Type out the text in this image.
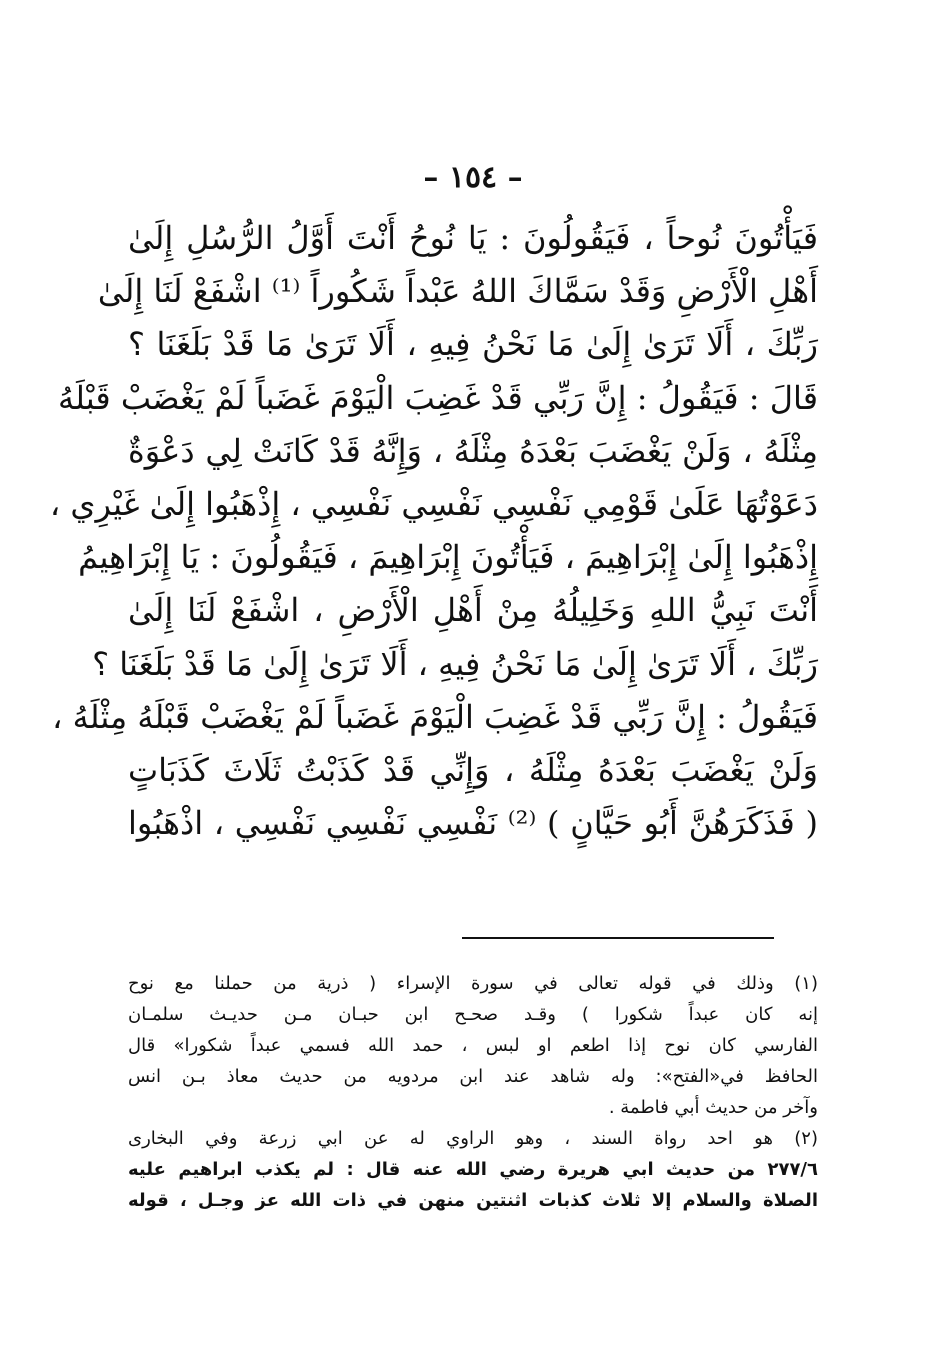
– ١٥٤ –
فَيَأْتُونَ نُوحاً ، فَيَقُولُونَ : يَا نُوحُ أَنْتَ أَوَّلُ الرُّسُلِ إِلَىٰ
أَهْلِ الْأَرْضِ وَقَدْ سَمَّاكَ اللهُ عَبْداً شَكُوراً ⁽¹⁾ اشْفَعْ لَنَا إِلَىٰ
رَبِّكَ ، أَلَا تَرَىٰ إِلَىٰ مَا نَحْنُ فِيهِ ، أَلَا تَرَىٰ مَا قَدْ بَلَغَنَا ؟
قَالَ : فَيَقُولُ : إِنَّ رَبِّي قَدْ غَضِبَ الْيَوْمَ غَضَباً لَمْ يَغْضَبْ قَبْلَهُ
مِثْلَهُ ، وَلَنْ يَغْضَبَ بَعْدَهُ مِثْلَهُ ، وَإِنَّهُ قَدْ كَانَتْ لِي دَعْوَةٌ
دَعَوْتُهَا عَلَىٰ قَوْمِي نَفْسِي نَفْسِي نَفْسِي ، إِذْهَبُوا إِلَىٰ غَيْرِي ،
إِذْهَبُوا إِلَىٰ إِبْرَاهِيمَ ، فَيَأْتُونَ إِبْرَاهِيمَ ، فَيَقُولُونَ : يَا إِبْرَاهِيمُ
أَنْتَ نَبِيُّ اللهِ وَخَلِيلُهُ مِنْ أَهْلِ الْأَرْضِ ، اشْفَعْ لَنَا إِلَىٰ
رَبِّكَ ، أَلَا تَرَىٰ إِلَىٰ مَا نَحْنُ فِيهِ ، أَلَا تَرَىٰ إِلَىٰ مَا قَدْ بَلَغَنَا ؟
فَيَقُولُ : إِنَّ رَبِّي قَدْ غَضِبَ الْيَوْمَ غَضَباً لَمْ يَغْضَبْ قَبْلَهُ مِثْلَهُ ،
وَلَنْ يَغْضَبَ بَعْدَهُ مِثْلَهُ ، وَإِنِّي قَدْ كَذَبْتُ ثَلَاثَ كَذَبَاتٍ
( فَذَكَرَهُنَّ أَبُو حَيَّانٍ ) ⁽²⁾ نَفْسِي نَفْسِي نَفْسِي ، اذْهَبُوا
(١) وذلك في قوله تعالى في سورة الإسراء ( ذرية من حملنا مع نوح
إنه كان عبداً شكورا ) وقـد صحـح ابن حبـان مـن حديـث سلمـان
الفارسي كان نوح إذا اطعم او لبس ، حمد الله فسمي عبداً شكورا» قال
الحافظ في«الفتح»: وله شاهد عند ابن مردويه من حديث معاذ بـن انس
وآخر من حديث أبي فاطمة .
(٢) هو احد رواة السند ، وهو الراوي له عن ابي زرعة وفي البخارى
٢٧٧/٦ من حديث ابي هريرة رضي الله عنه قال : لم يكذب ابراهيم عليه
الصلاة والسلام إلا ثلاث كذبات اثنتين منهن في ذات الله عز وجـل ، قوله
